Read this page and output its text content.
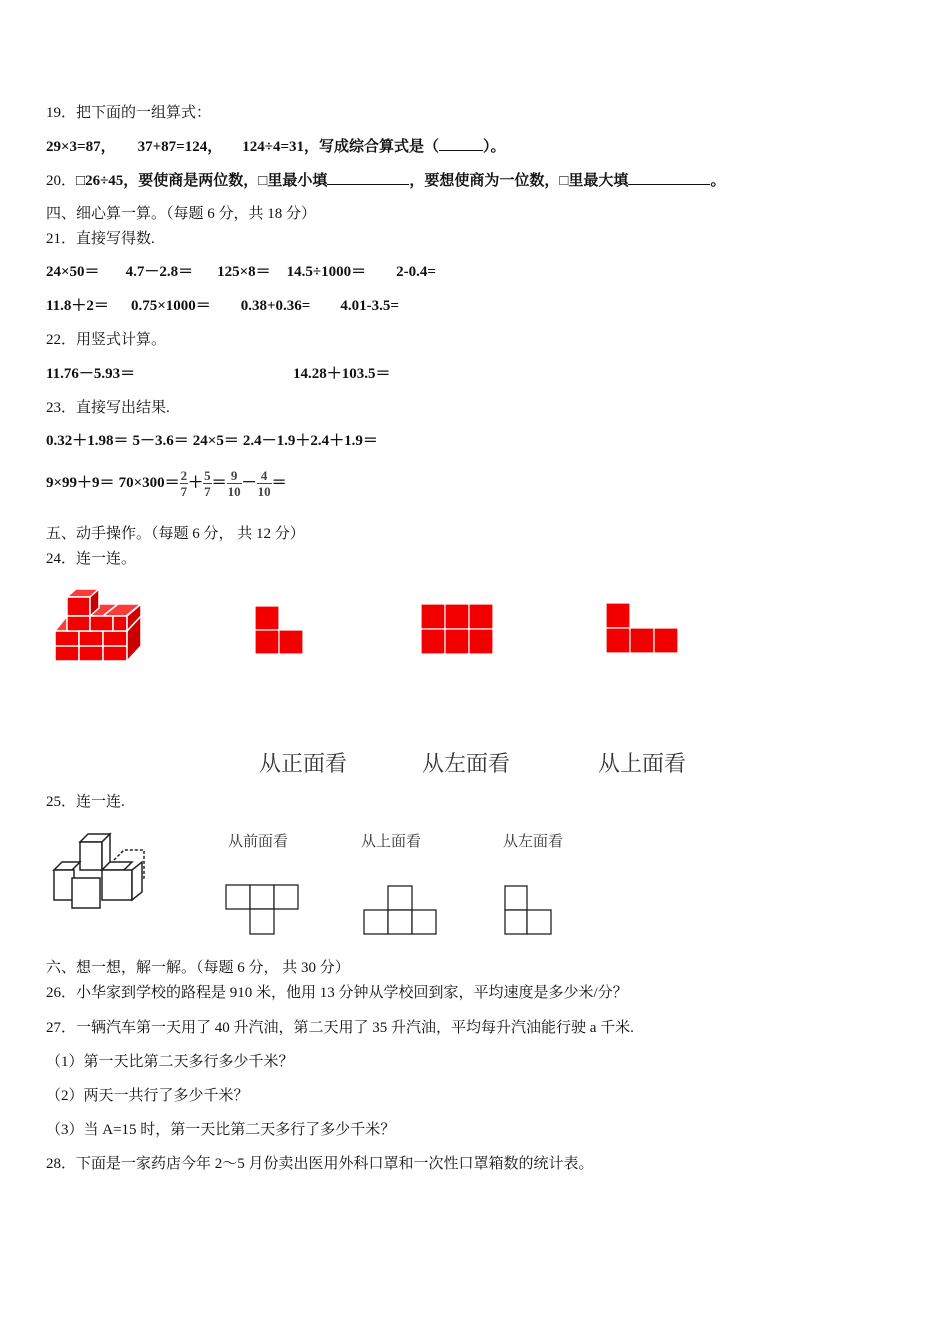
19．把下面的一组算式：
29×3=87， 37+87=124， 124÷4=31，写成综合算式是（	）。
20．□26÷45，要使商是两位数，□里最小填	，要想使商为一位数，□里最大填	。
四、细心算一算。（每题 6 分，共 18 分）
21．直接写得数.
24×50＝ 4.7－2.8＝ 125×8＝ 14.5÷1000＝ 2-0.4=
11.8＋2＝ 0.75×1000＝ 0.38+0.36= 4.01-3.5=
22．用竖式计算。
11.76－5.93＝	14.28＋103.5＝
23．直接写出结果.
0.32＋1.98＝ 5－3.6＝ 24×5＝ 2.4－1.9＋2.4＋1.9＝
$9\times 99+9= 70\times 300= \frac{2}{7} + \frac{5}{7} = \frac{9}{10} - \frac{4}{10}$ ＝
五、动手操作。（每题 6 分， 共 12 分）
24．连一连。
从正面看	从左面看	从上面看
25．连一连.
从前面看	从上面看	从左面看
六、想一想，解一解。（每题 6 分， 共 30 分）
26．小华家到学校的路程是 910 米，他用 13 分钟从学校回到家，平均速度是多少米/分？
27．一辆汽车第一天用了 40 升汽油，第二天用了 35 升汽油，平均每升汽油能行驶 a 千米.
（1）第一天比第二天多行多少千米？
（2）两天一共行了多少千米？
（3）当 A=15 时，第一天比第二天多行了多少千米？
28．下面是一家药店今年 2～5 月份卖出医用外科口罩和一次性口罩箱数的统计表。
